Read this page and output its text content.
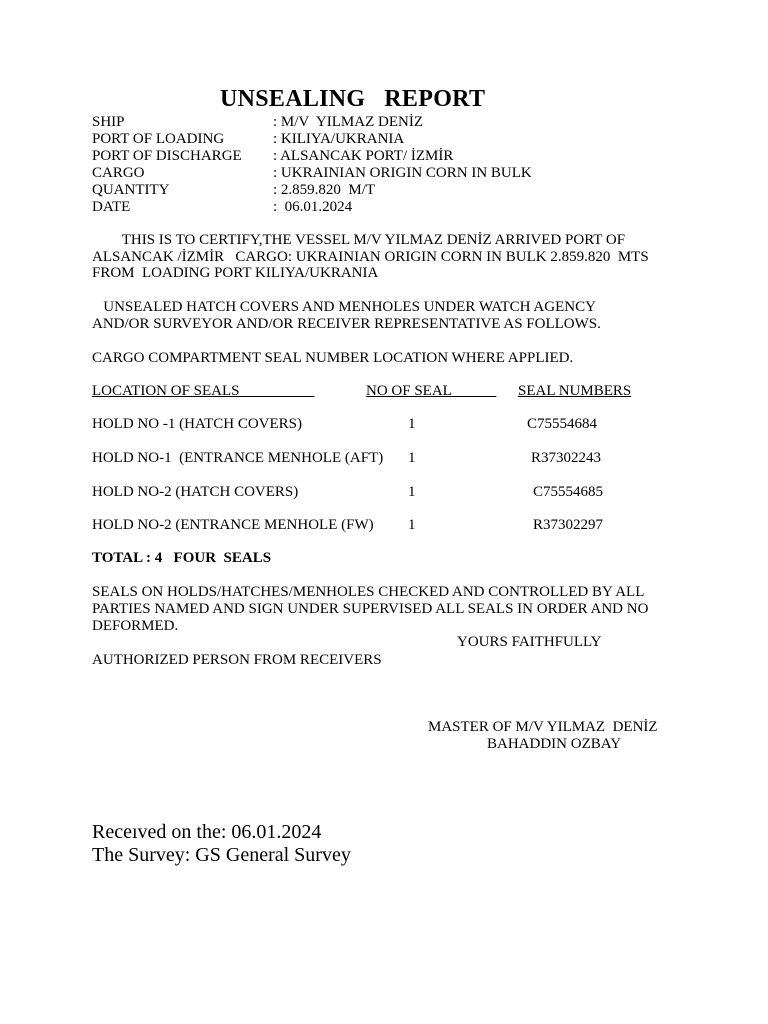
UNSEALING   REPORT
SHIP	: M/V  YILMAZ DENİZ
PORT OF LOADING	: KILIYA/UKRANIA
PORT OF DISCHARGE : ALSANCAK PORT/ İZMİR
CARGO	: UKRAINIAN ORIGIN CORN IN BULK
QUANTITY	: 2.859.820  M/T
DATE	:  06.01.2024
THIS IS TO CERTIFY,THE VESSEL M/V YILMAZ DENİZ ARRIVED PORT OF
ALSANCAK /İZMİR   CARGO: UKRAINIAN ORIGIN CORN IN BULK 2.859.820  MTS
FROM  LOADING PORT KILIYA/UKRANIA
UNSEALED HATCH COVERS AND MENHOLES UNDER WATCH AGENCY
AND/OR SURVEYOR AND/OR RECEIVER REPRESENTATIVE AS FOLLOWS.
CARGO COMPARTMENT SEAL NUMBER LOCATION WHERE APPLIED.
LOCATION OF SEALS	NO OF SEAL	SEAL NUMBERS
HOLD NO -1 (HATCH COVERS)	1	C75554684
HOLD NO-1  (ENTRANCE MENHOLE (AFT) 1	R37302243
HOLD NO-2 (HATCH COVERS)	1	C75554685
HOLD NO-2 (ENTRANCE MENHOLE (FW) 1	R37302297
TOTAL : 4   FOUR  SEALS
SEALS ON HOLDS/HATCHES/MENHOLES CHECKED AND CONTROLLED BY ALL
PARTIES NAMED AND SIGN UNDER SUPERVISED ALL SEALS IN ORDER AND NO
DEFORMED.
YOURS FAITHFULLY
AUTHORIZED PERSON FROM RECEIVERS
MASTER OF M/V YILMAZ  DENİZ
BAHADDIN OZBAY
Receıved on the: 06.01.2024
The Survey: GS General Survey
